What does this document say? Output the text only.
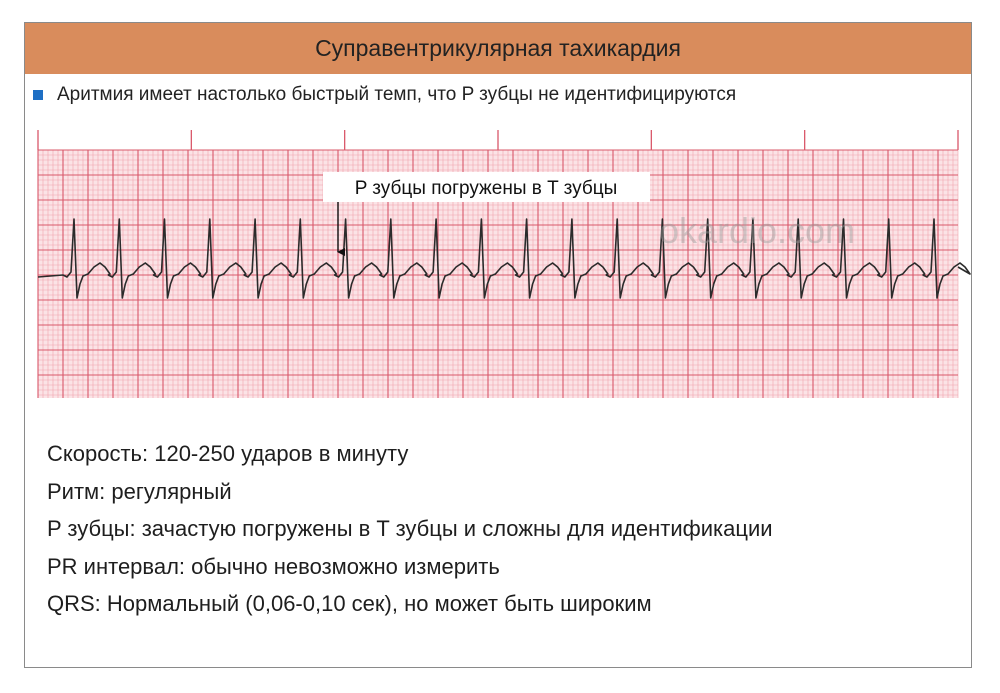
Суправентрикулярная тахикардия
Аритмия имеет настолько быстрый темп, что P зубцы не идентифицируются
Скорость: 120-250 ударов в минуту
Ритм: регулярный
P зубцы: зачастую погружены в T зубцы и сложны для идентификации
PR интервал: обычно невозможно измерить
QRS: Нормальный (0,06-0,10 сек), но может быть широким
okardio.com
P зубцы погружены в T зубцы
